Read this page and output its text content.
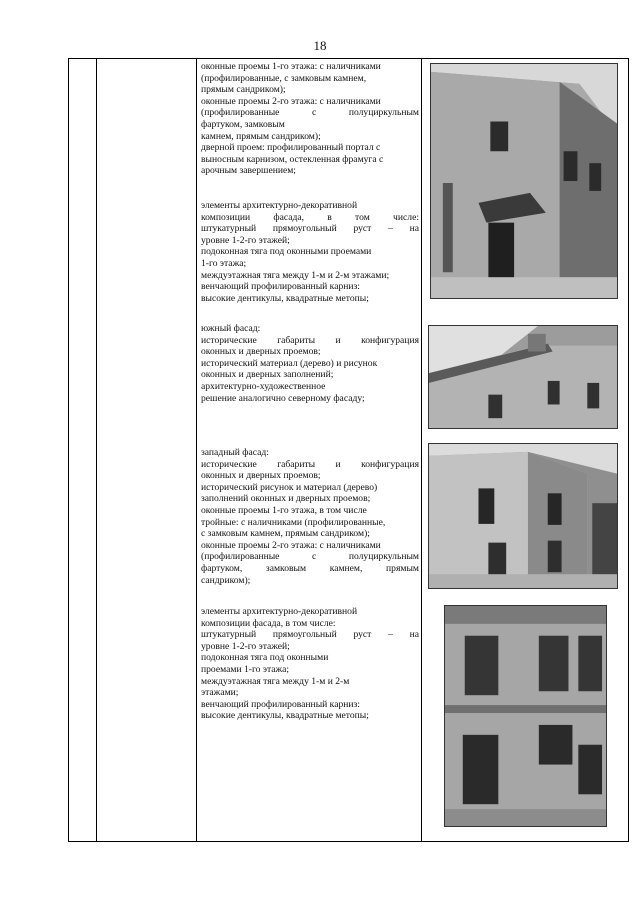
18
оконные проемы 1-го этажа: с наличниками
(профилированные, с замковым камнем,
прямым сандриком);
оконные проемы 2-го этажа: с наличниками
(профилированные с полуциркульным
фартуком, замковым
камнем, прямым сандриком);
дверной проем: профилированный портал с
выносным карнизом, остекленная фрамуга с
арочным завершением;
элементы архитектурно-декоративной
композиции фасада, в том числе:
штукатурный прямоугольный руст – на
уровне 1-2-го этажей;
подоконная тяга под оконными проемами
1-го этажа;
междуэтажная тяга между 1-м и 2-м этажами;
венчающий профилированный карниз:
высокие дентикулы, квадратные метопы;
южный фасад:
исторические габариты и конфигурация
оконных и дверных проемов;
исторический материал (дерево) и рисунок
оконных и дверных заполнений;
архитектурно-художественное
решение аналогично северному фасаду;
западный фасад:
исторические габариты и конфигурация
оконных и дверных проемов;
исторический рисунок и материал (дерево)
заполнений оконных и дверных проемов;
оконные проемы 1-го этажа, в том числе
тройные: с наличниками (профилированные,
с замковым камнем, прямым сандриком);
оконные проемы 2-го этажа: с наличниками
(профилированные с полуциркульным
фартуком, замковым камнем, прямым
сандриком);
элементы архитектурно-декоративной
композиции фасада, в том числе:
штукатурный прямоугольный руст – на
уровне 1-2-го этажей;
подоконная тяга под оконными
проемами 1-го этажа;
междуэтажная тяга между 1-м и 2-м
этажами;
венчающий профилированный карниз:
высокие дентикулы, квадратные метопы;
